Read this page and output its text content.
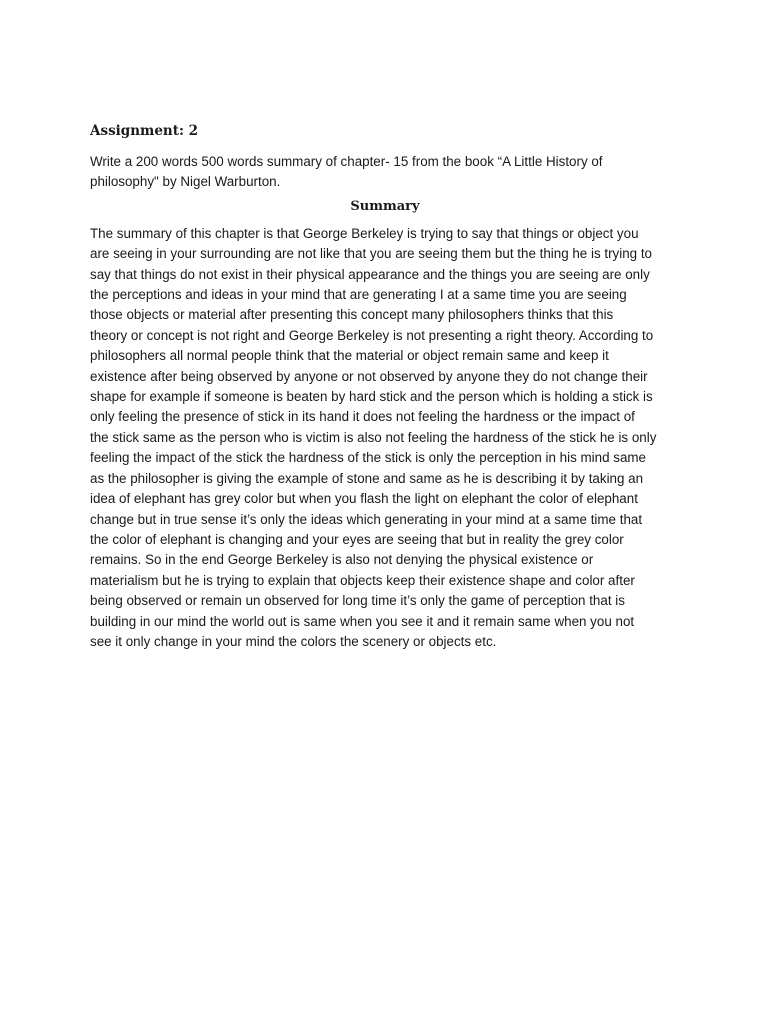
Assignment: 2
Write a 200 words 500 words summary of chapter- 15 from the book “A Little History of
philosophy" by Nigel Warburton.
Summary
The summary of this chapter is that George Berkeley is trying to say that things or object you
are seeing in your surrounding are not like that you are seeing them but the thing he is trying to
say that things do not exist in their physical appearance and the things you are seeing are only
the perceptions and ideas in your mind that are generating I at a same time you are seeing
those objects or material after presenting this concept many philosophers thinks that this
theory or concept is not right and George Berkeley is not presenting a right theory. According to
philosophers all normal people think that the material or object remain same and keep it
existence after being observed by anyone or not observed by anyone they do not change their
shape for example if someone is beaten by hard stick and the person which is holding a stick is
only feeling the presence of stick in its hand it does not feeling the hardness or the impact of
the stick same as the person who is victim is also not feeling the hardness of the stick he is only
feeling the impact of the stick the hardness of the stick is only the perception in his mind same
as the philosopher is giving the example of stone and same as he is describing it by taking an
idea of elephant has grey color but when you flash the light on elephant the color of elephant
change but in true sense it’s only the ideas which generating in your mind at a same time that
the color of elephant is changing and your eyes are seeing that but in reality the grey color
remains. So in the end George Berkeley is also not denying the physical existence or
materialism but he is trying to explain that objects keep their existence shape and color after
being observed or remain un observed for long time it’s only the game of perception that is
building in our mind the world out is same when you see it and it remain same when you not
see it only change in your mind the colors the scenery or objects etc.
